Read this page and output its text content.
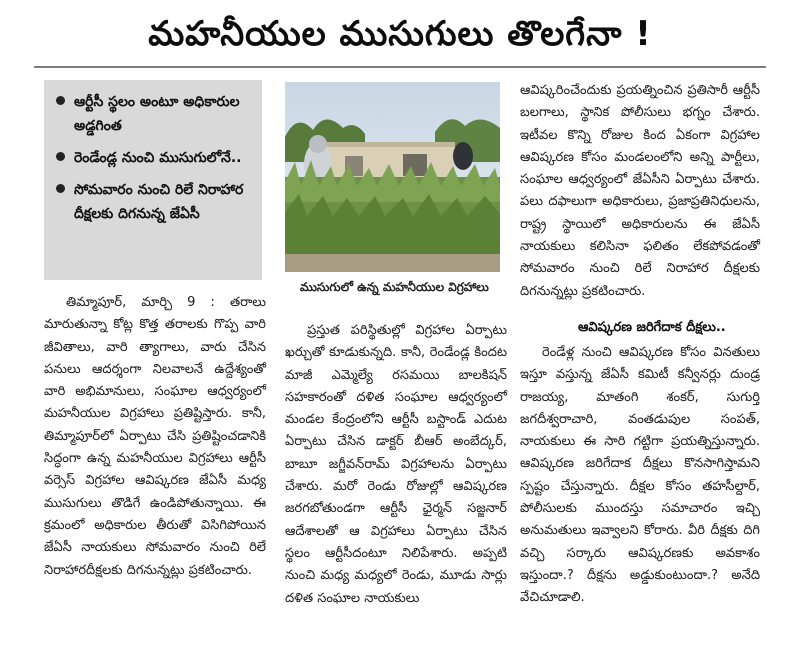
మహనీయుల ముసుగులు తొలగేనా !
ఆర్టీసీ స్థలం అంటూ అధికారుల అడ్డగింత
రెండేండ్ల నుంచి ముసుగులోనే..
సోమవారం నుంచి రిలే నిరాహార దీక్షలకు దిగనున్న జేఏసీ
ముసుగులో ఉన్న మహనీయుల విగ్రహాలు

తిమ్మాపూర్, మార్చి 9 : తరాలు మారుతున్నా కోట్ల కొత్త తరాలకు గొప్ప వారి జీవితాలు, వారి త్యాగాలు, వారు చేసిన పనులు ఆదర్శంగా నిలవాలనే ఉద్దేశ్యంతో వారి అభిమానులు, సంఘాల ఆధ్వర్యంలో మహనీయుల విగ్రహాలు ప్రతిష్టిస్తారు. కానీ, తిమ్మాపూర్‌లో ఏర్పాటు చేసి ప్రతిష్టించడానికి సిద్ధంగా ఉన్న మహనీయుల విగ్రహాలు ఆర్టీసీ వర్సెస్ విగ్రహాల ఆవిష్కరణ జేఏసీ మధ్య ముసుగులు తొడిగే ఉండిపోతున్నాయి. ఈ క్రమంలో అధికారుల తీరుతో విసిగిపోయిన జేఏసీ నాయకులు సోమవారం నుంచి రిలే నిరాహారదీక్షలకు దిగనున్నట్లు ప్రకటించారు.

ప్రస్తుత పరిస్థితుల్లో విగ్రహాల ఏర్పాటు ఖర్చుతో కూడుకున్నది. కానీ, రెండేండ్ల కిందట మాజీ ఎమ్మెల్యే రసమయి బాలకిషన్ సహకారంతో దళిత సంఘాల ఆధ్వర్యంలో మండల కేంద్రంలోని ఆర్టీసీ బస్టాండ్ ఎదుట ఏర్పాటు చేసిన డాక్టర్ బీఆర్ అంబేద్కర్, బాబూ జగ్జీవన్‌రామ్ విగ్రహాలను ఏర్పాటు చేశారు. మరో రెండు రోజుల్లో ఆవిష్కరణ జరగబోతుండగా ఆర్టీసీ ఛైర్మన్ సజ్జనార్ ఆదేశాలతో ఆ విగ్రహాలు ఏర్పాటు చేసిన స్థలం ఆర్టీసీదంటూ నిలిపేశారు. అప్పటి నుంచి మధ్య మధ్యలో రెండు, మూడు సార్లు దళిత సంఘాల నాయకులు

ఆవిష్కరించేందుకు ప్రయత్నించిన ప్రతిసారీ ఆర్టీసీ బలగాలు, స్థానిక పోలీసులు భగ్నం చేశారు. ఇటీవల కొన్ని రోజుల కింద ఏకంగా విగ్రహాల ఆవిష్కరణ కోసం మండలంలోని అన్ని పార్టీలు, సంఘాల ఆధ్వర్యంలో జేఏసీని ఏర్పాటు చేశారు. పలు దఫాలుగా అధికారులు, ప్రజాప్రతినిధులను, రాష్ట్ర స్థాయిలో అధికారులను ఈ జేఏసీ నాయకులు కలిసినా ఫలితం లేకపోవడంతో సోమవారం నుంచి రిలే నిరాహార దీక్షలకు దిగనున్నట్లు ప్రకటించారు.

ఆవిష్కరణ జరిగేదాక దీక్షలు..

రెండేళ్ల నుంచి ఆవిష్కరణ కోసం వినతులు ఇస్తూ వస్తున్న జేఏసీ కమిటీ కన్వీనర్లు దుండ్ర రాజయ్య, మాతంగి శంకర్, సుగుర్తి జగదీశ్వరాచారి, వంతడుపుల సంపత్, నాయకులు ఈ సారి గట్టిగా ప్రయత్నిస్తున్నారు. ఆవిష్కరణ జరిగేదాక దీక్షలు కొనసాగిస్తామని స్పష్టం చేస్తున్నారు. దీక్షల కోసం తహసీల్దార్, పోలీసులకు ముందస్తు సమాచారం ఇచ్చి అనుమతులు ఇవ్వాలని కోరారు. వీరి దీక్షకు దిగి వచ్చి సర్కారు ఆవిష్కరణకు అవకాశం ఇస్తుందా.? దీక్షను అడ్డుకుంటుందా.? అనేది వేచిచూడాలి.
